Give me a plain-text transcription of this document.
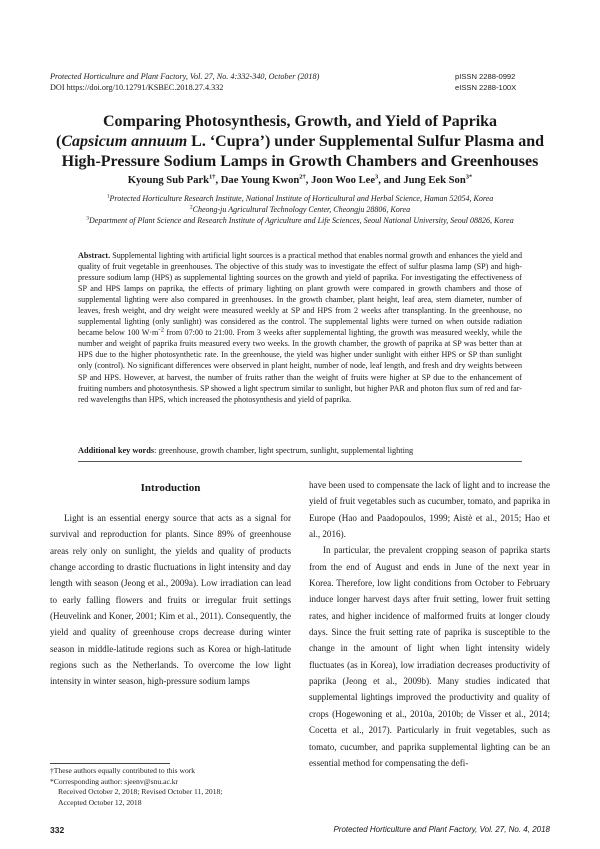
Protected Horticulture and Plant Factory, Vol. 27, No. 4:332-340, October (2018)
DOI https://doi.org/10.12791/KSBEC.2018.27.4.332
pISSN 2288-0992
eISSN 2288-100X
Comparing Photosynthesis, Growth, and Yield of Paprika
(Capsicum annuum L. ‘Cupra’) under Supplemental Sulfur Plasma and
High-Pressure Sodium Lamps in Growth Chambers and Greenhouses
Kyoung Sub Park$^{1\dagger}$, Dae Young Kwon$^{2\dagger}$, Joon Woo Lee$^3$, and Jung Eek Son$^{3*}$
$^1$Protected Horticulture Research Institute, National Institute of Horticultural and Herbal Science, Haman 52054, Korea
$^2$Cheong-ju Agricultural Technology Center, Cheongju 28806, Korea
$^3$Department of Plant Science and Research Institute of Agriculture and Life Sciences, Seoul National University, Seoul 08826, Korea
Abstract. Supplemental lighting with artificial light sources is a practical method that enables normal growth and enhances the yield and quality of fruit vegetable in greenhouses. The objective of this study was to investigate the effect of sulfur plasma lamp (SP) and high-pressure sodium lamp (HPS) as supplemental lighting sources on the growth and yield of paprika. For investigating the effectiveness of SP and HPS lamps on paprika, the effects of primary lighting on plant growth were compared in growth chambers and those of supplemental lighting were also compared in greenhouses. In the growth chamber, plant height, leaf area, stem diameter, number of leaves, fresh weight, and dry weight were measured weekly at SP and HPS from 2 weeks after transplanting. In the greenhouse, no supplemental lighting (only sunlight) was considered as the control. The supplemental lights were turned on when outside radiation became below 100 $W\cdot m^{-2}$ from 07:00 to 21:00. From 3 weeks after supplemental lighting, the growth was measured weekly, while the number and weight of paprika fruits measured every two weeks. In the growth chamber, the growth of paprika at SP was better than at HPS due to the higher photosynthetic rate. In the greenhouse, the yield was higher under sunlight with either HPS or SP than sunlight only (control). No significant differences were observed in plant height, number of node, leaf length, and fresh and dry weights between SP and HPS. However, at harvest, the number of fruits rather than the weight of fruits were higher at SP due to the enhancement of fruiting numbers and photosynthesis. SP showed a light spectrum similar to sunlight, but higher PAR and photon flux sum of red and far-red wavelengths than HPS, which increased the photosynthesis and yield of paprika.
Additional key words: greenhouse, growth chamber, light spectrum, sunlight, supplemental lighting
Introduction
Light is an essential energy source that acts as a signal for survival and reproduction for plants. Since 89% of greenhouse areas rely only on sunlight, the yields and quality of products change according to drastic fluctuations in light intensity and day length with season (Jeong et al., 2009a). Low irradiation can lead to early falling flowers and fruits or irregular fruit settings (Heuvelink and Koner, 2001; Kim et al., 2011). Consequently, the yield and quality of greenhouse crops decrease during winter season in middle-latitude regions such as Korea or high-latitude regions such as the Netherlands. To overcome the low light intensity in winter season, high-pressure sodium lamps

have been used to compensate the lack of light and to increase the yield of fruit vegetables such as cucumber, tomato, and paprika in Europe (Hao and Paadopoulos, 1999; Aistè et al., 2015; Hao et al., 2016).

In particular, the prevalent cropping season of paprika starts from the end of August and ends in June of the next year in Korea. Therefore, low light conditions from October to February induce longer harvest days after fruit setting, lower fruit setting rates, and higher incidence of malformed fruits at longer cloudy days. Since the fruit setting rate of paprika is susceptible to the change in the amount of light when light intensity widely fluctuates (as in Korea), low irradiation decreases productivity of paprika (Jeong et al., 2009b). Many studies indicated that supplemental lightings improved the productivity and quality of crops (Hogewoning et al., 2010a, 2010b; de Visser et al., 2014; Cocetta et al., 2017). Particularly in fruit vegetables, such as tomato, cucumber, and paprika supplemental lighting can be an essential method for compensating the defi-

†These authors equally contributed to this work
*Corresponding author: sjeenv@snu.ac.kr
Received October 2, 2018; Revised October 11, 2018;
Accepted October 12, 2018
332	Protected Horticulture and Plant Factory, Vol. 27, No. 4, 2018
